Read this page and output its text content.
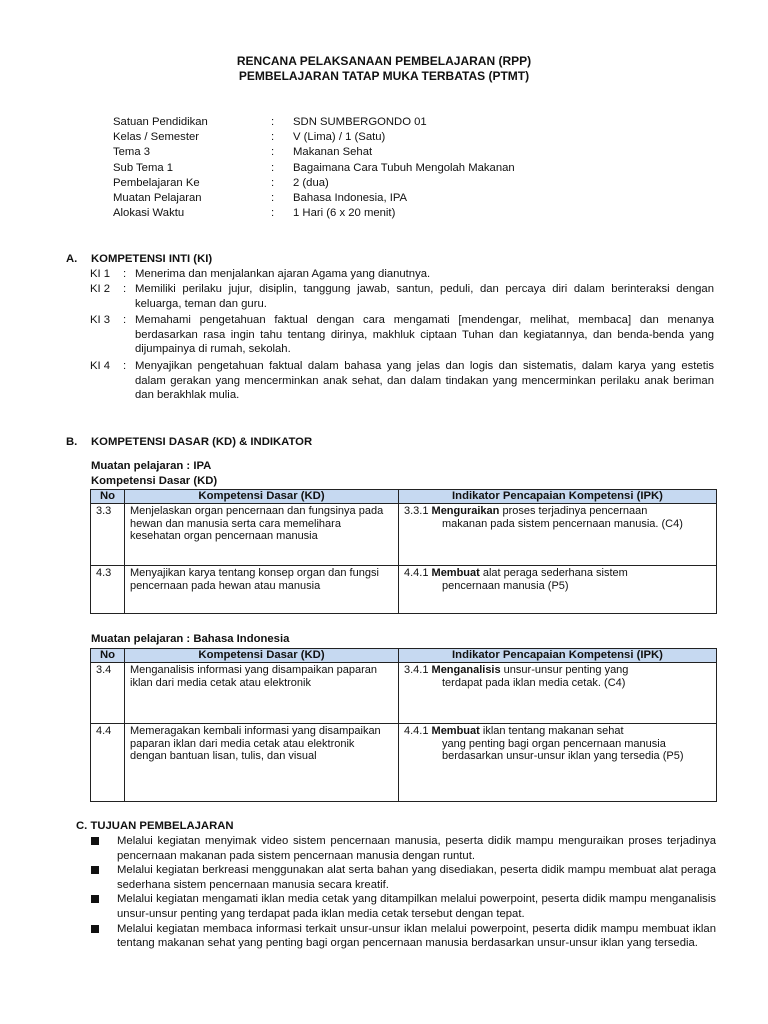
RENCANA PELAKSANAAN PEMBELAJARAN (RPP)
PEMBELAJARAN TATAP MUKA TERBATAS (PTMT)
Satuan Pendidikan	: SDN SUMBERGONDO 01
Kelas / Semester	: V (Lima) / 1 (Satu)
Tema 3	: Makanan Sehat
Sub Tema 1	: Bagaimana Cara Tubuh Mengolah Makanan
Pembelajaran Ke	: 2 (dua)
Muatan Pelajaran	: Bahasa Indonesia, IPA
Alokasi Waktu	: 1 Hari (6 x 20 menit)
A. KOMPETENSI INTI (KI)
KI 1 : Menerima dan menjalankan ajaran Agama yang dianutnya.
KI 2 : Memiliki perilaku jujur, disiplin, tanggung jawab, santun, peduli, dan percaya diri dalam berinteraksi dengan keluarga, teman dan guru.
KI 3 : Memahami pengetahuan faktual dengan cara mengamati [mendengar, melihat, membaca] dan menanya berdasarkan rasa ingin tahu tentang dirinya, makhluk ciptaan Tuhan dan kegiatannya, dan benda-benda yang dijumpainya di rumah, sekolah.
KI 4 : Menyajikan pengetahuan faktual dalam bahasa yang jelas dan logis dan sistematis, dalam karya yang estetis dalam gerakan yang mencerminkan anak sehat, dan dalam tindakan yang mencerminkan perilaku anak beriman dan berakhlak mulia.
B. KOMPETENSI DASAR (KD) & INDIKATOR
Muatan pelajaran : IPA
Kompetensi Dasar (KD)
No	Kompetensi Dasar (KD)	Indikator Pencapaian Kompetensi (IPK)
3.3	Menjelaskan organ pencernaan dan fungsinya pada hewan dan manusia serta cara memelihara kesehatan organ pencernaan manusia	3.3.1 Menguraikan proses terjadinya pencernaan
makanan pada sistem pencernaan manusia. (C4)

4.3	Menyajikan karya tentang konsep organ dan fungsi pencernaan pada hewan atau manusia	4.4.1 Membuat alat peraga sederhana sistem
pencernaan manusia (P5)
Muatan pelajaran : Bahasa Indonesia
No	Kompetensi Dasar (KD)	Indikator Pencapaian Kompetensi (IPK)
3.4	Menganalisis informasi yang disampaikan paparan iklan dari media cetak atau elektronik	3.4.1 Menganalisis unsur-unsur penting yang
terdapat pada iklan media cetak. (C4)

4.4	Memeragakan kembali informasi yang disampaikan paparan iklan dari media cetak atau elektronik dengan bantuan lisan, tulis, dan visual	4.4.1 Membuat iklan tentang makanan sehat
yang penting bagi organ pencernaan manusia berdasarkan unsur-unsur iklan yang tersedia (P5)
C. TUJUAN PEMBELAJARAN
Melalui kegiatan menyimak video sistem pencernaan manusia, peserta didik mampu menguraikan proses terjadinya pencernaan makanan pada sistem pencernaan manusia dengan runtut.
Melalui kegiatan berkreasi menggunakan alat serta bahan yang disediakan, peserta didik mampu membuat alat peraga sederhana sistem pencernaan manusia secara kreatif.
Melalui kegiatan mengamati iklan media cetak yang ditampilkan melalui powerpoint, peserta didik mampu menganalisis unsur-unsur penting yang terdapat pada iklan media cetak tersebut dengan tepat.
Melalui kegiatan membaca informasi terkait unsur-unsur iklan melalui powerpoint, peserta didik mampu membuat iklan tentang makanan sehat yang penting bagi organ pencernaan manusia berdasarkan unsur-unsur iklan yang tersedia.
